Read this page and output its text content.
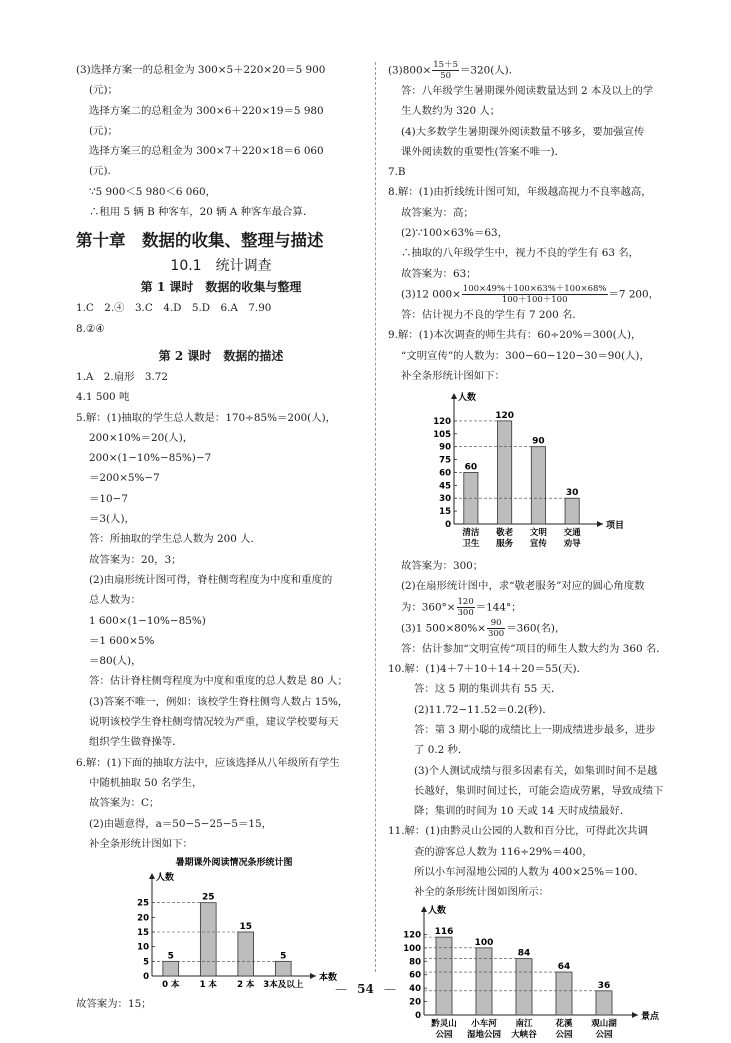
(3)选择方案一的总租金为 300×5＋220×20＝5 900
(元)；
选择方案二的总租金为 300×6＋220×19＝5 980
(元)；
选择方案三的总租金为 300×7＋220×18＝6 060
(元)．
∵5 900＜5 980＜6 060，
∴租用 5 辆 B 种客车，20 辆 A 种客车最合算．
第十章　数据的收集、整理与描述
10.1　统计调查
第 1 课时　数据的收集与整理
1.C　2.④　3.C　4.D　5.D　6.A　7.90
8.②④
第 2 课时　数据的描述
1.A　2.扇形　3.72
4.1 500 吨
5.解：(1)抽取的学生总人数是：170÷85%＝200(人)，
200×10%＝20(人)，
200×(1−10%−85%)−7
＝200×5%−7
＝10−7
＝3(人)，
答：所抽取的学生总人数为 200 人．
故答案为：20，3；
(2)由扇形统计图可得，脊柱侧弯程度为中度和重度的
总人数为：
1 600×(1−10%−85%)
＝1 600×5%
＝80(人)，
答：估计脊柱侧弯程度为中度和重度的总人数是 80 人；
(3)答案不唯一，例如：该校学生脊柱侧弯人数占 15%，
说明该校学生脊柱侧弯情况较为严重，建议学校要每天
组织学生做脊操等．
6.解：(1)下面的抽取方法中，应该选择从八年级所有学生
中随机抽取 50 名学生，
故答案为：C；
(2)由题意得，a＝50−5−25−5＝15，
补全条形统计图如下：
暑期课外阅读情况条形统计图
人数
本数
0
5
10
15
20
25
5
0 本
25
1 本
15
2 本
5
3本及以上
故答案为：15；
$(3)800\times \frac{15+5}{50} =320$(人)．
答：八年级学生暑期课外阅读数量达到 2 本及以上的学
生人数约为 320 人；
(4)大多数学生暑期课外阅读数量不够多，要加强宣传
课外阅读数的重要性(答案不唯一)．
7.B
8.解：(1)由折线统计图可知，年级越高视力不良率越高，
故答案为：高；
(2)∵100×63%＝63，
∴抽取的八年级学生中，视力不良的学生有 63 名，
故答案为：63；
(3)12 $000\times \frac{100\times 49\%+100\times 63\%+100\times 68\%}{100+100+100} =7$ 200，
答：估计视力不良的学生有 7 200 名．
9.解：(1)本次调查的师生共有：60÷20%＝300(人)，
“文明宣传”的人数为：300−60−120−30＝90(人)，
补全条形统计图如下：
人数
项目
0
15
30
45
60
75
90
105
120
60
清洁
卫生
120
敬老
服务
90
文明
宣传
30
交通
劝导
故答案为：300；
(2)在扇形统计图中，求“敬老服务”对应的圆心角度数
为：$360^\circ\times \frac{120}{300} =144^\circ$；
(3)1 $500\times 80\%\times \frac{90}{300} =360$(名)，
答：估计参加“文明宣传”项目的师生人数大约为 360 名．
10.解：(1)4＋7＋10＋14＋20＝55(天)．
答：这 5 期的集训共有 55 天．
(2)11.72−11.52＝0.2(秒)．
答：第 3 期小聪的成绩比上一期成绩进步最多，进步
了 0.2 秒．
(3)个人测试成绩与很多因素有关，如集训时间不是越
长越好，集训时间过长，可能会造成劳累，导致成绩下
降；集训的时间为 10 天或 14 天时成绩最好．
11.解：(1)由黔灵山公园的人数和百分比，可得此次共调
查的游客总人数为 116÷29%＝400，
所以小车河湿地公园的人数为 400×25%＝100．
补全的条形统计图如图所示：
人数
景点
0
20
40
60
80
100
120 116
黔灵山
公园
100
小车河
湿地公园
84
南江
大峡谷
64
花溪
公园
36
观山湖
公园
— 54 —
